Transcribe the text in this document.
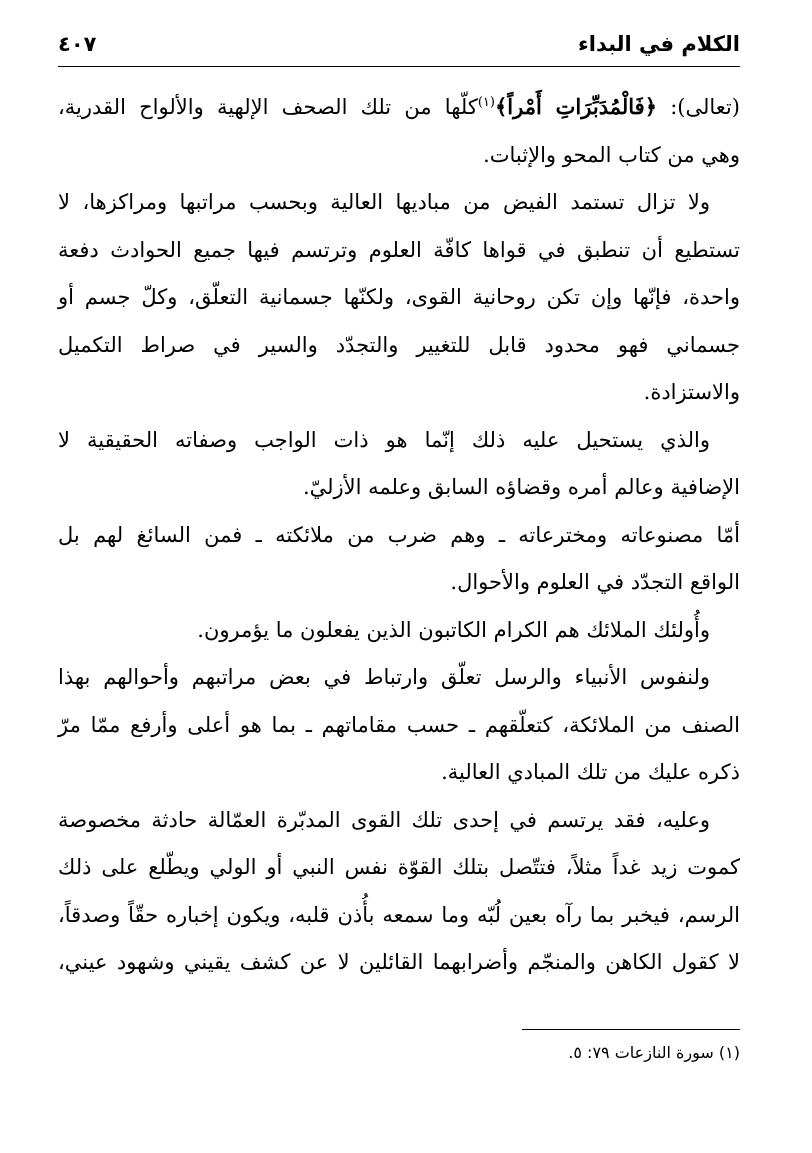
الكلام في البداء
٤٠٧
(تعالى): ﴿فَالْمُدَبِّرَاتِ أَمْراً﴾$^{(١)}$كلّها من تلك الصحف الإلهية والألواح القدرية،
وهي من كتاب المحو والإثبات.
ولا تزال تستمد الفيض من مباديها العالية وبحسب مراتبها ومراكزها، لا
تستطيع أن تنطبق في قواها كافّة العلوم وترتسم فيها جميع الحوادث دفعة
واحدة، فإنّها وإن تكن روحانية القوى، ولكنّها جسمانية التعلّق، وكلّ جسم أو
جسماني فهو محدود قابل للتغيير والتجدّد والسير في صراط التكميل
والاستزادة.
والذي يستحيل عليه ذلك إنّما هو ذات الواجب وصفاته الحقيقية لا
الإضافية وعالم أمره وقضاؤه السابق وعلمه الأزليّ.
أمّا مصنوعاته ومخترعاته ـ وهم ضرب من ملائكته ـ فمن السائغ لهم بل
الواقع التجدّد في العلوم والأحوال.
وأُولئك الملائك هم الكرام الكاتبون الذين يفعلون ما يؤمرون.
ولنفوس الأنبياء والرسل تعلّق وارتباط في بعض مراتبهم وأحوالهم بهذا
الصنف من الملائكة، كتعلّقهم ـ حسب مقاماتهم ـ بما هو أعلى وأرفع ممّا مرّ
ذكره عليك من تلك المبادي العالية.
وعليه، فقد يرتسم في إحدى تلك القوى المدبّرة العمّالة حادثة مخصوصة
كموت زيد غداً مثلاً، فتتّصل بتلك القوّة نفس النبي أو الولي ويطّلع على ذلك
الرسم، فيخبر بما رآه بعين لُبّه وما سمعه بأُذن قلبه، ويكون إخباره حقّاً وصدقاً،
لا كقول الكاهن والمنجّم وأضرابهما القائلين لا عن كشف يقيني وشهود عيني،
(١) سورة النازعات ٧٩: ٥.
